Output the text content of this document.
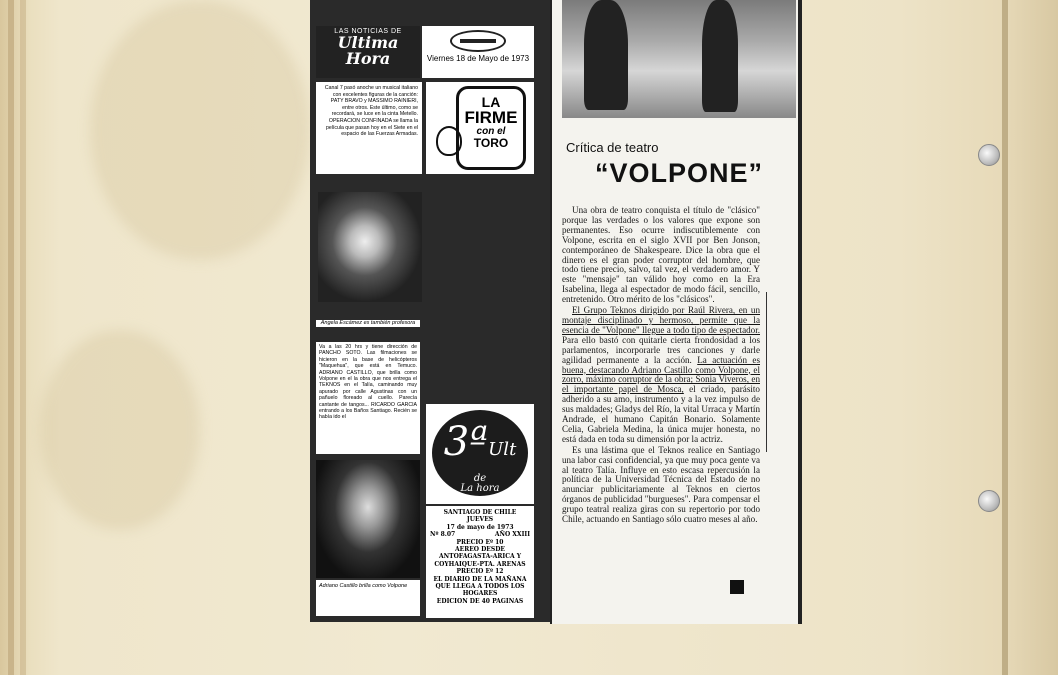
LAS NOTICIAS DE
Ultima
Hora	Viernes 18 de Mayo de 1973
Canal 7 pasó anoche un musical italiano con excelentes figuras de la canción: PATY BRAVO y MASSIMO RAINIERI, entre otros. Este último, como se recordará, se luce en la cinta Metello. OPERACION CONFINADA se llama la película que pasan hoy en el Siete en el espacio de las Fuerzas Armadas.
LA
FIRME
con el
TORO
Angela Escámez es también profesora
Va a las 20 hrs y tiene dirección de PANCHO SOTO. Las filmaciones se hicieron en la base de helicópteros "Maquehua", que está en Temuco. ADRIANO CASTILLO, que brilla como Volpone en el la obra que nos entrega el TEKNOS en el Talía, caminando muy apurado por calle Agustinas con un pañuelo floreado al cuello. Parecía cantante de tangos... RICARDO GARCIA entrando a los Baños Santiago. Recién se había ido el
Adriano Castillo brilla como Volpone
3ªUlt
de
La hora
SANTIAGO DE CHILE
JUEVES
17 de mayo de 1973
Nº 8.07	AÑO XXIII
PRECIO Eº 10
AEREO DESDE
ANTOFAGASTA-ARICA Y
COYHAIQUE-PTA. ARENAS
PRECIO Eº 12
EL DIARIO DE LA MAÑANA
QUE LLEGA A TODOS LOS
HOGARES
EDICION DE 40 PAGINAS
Crítica de teatro
“VOLPONE”

Una obra de teatro conquista el título de "clásico" porque las verdades o los valores que expone son permanentes. Eso ocurre indiscutiblemente con Volpone, escrita en el siglo XVII por Ben Jonson, contemporáneo de Shakespeare. Dice la obra que el dinero es el gran poder corruptor del hombre, que todo tiene precio, salvo, tal vez, el verdadero amor. Y este "mensaje" tan válido hoy como en la Era Isabelina, llega al espectador de modo fácil, sencillo, entretenido. Otro mérito de los "clásicos".

El Grupo Teknos dirigido por Raúl Rivera, en un montaje disciplinado y hermoso, permite que la esencia de "Volpone" llegue a todo tipo de espectador. Para ello bastó con quitarle cierta frondosidad a los parlamentos, incorporarle tres canciones y darle agilidad permanente a la acción. La actuación es buena, destacando Adriano Castillo como Volpone, el zorro, máximo corruptor de la obra; Sonia Viveros, en el importante papel de Mosca, el criado, parásito adherido a su amo, instrumento y a la vez impulso de sus maldades; Gladys del Río, la vital Urraca y Martín Andrade, el humano Capitán Bonario. Solamente Celia, Gabriela Medina, la única mujer honesta, no está dada en toda su dimensión por la actriz.

Es una lástima que el Teknos realice en Santiago una labor casi confidencial, ya que muy poca gente va al teatro Talía. Influye en esto escasa repercusión la política de la Universidad Técnica del Estado de no anunciar publicitariamente al Teknos en ciertos órganos de publicidad "burgueses". Para compensar el grupo teatral realiza giras con su repertorio por todo Chile, actuando en Santiago sólo cuatro meses al año.
